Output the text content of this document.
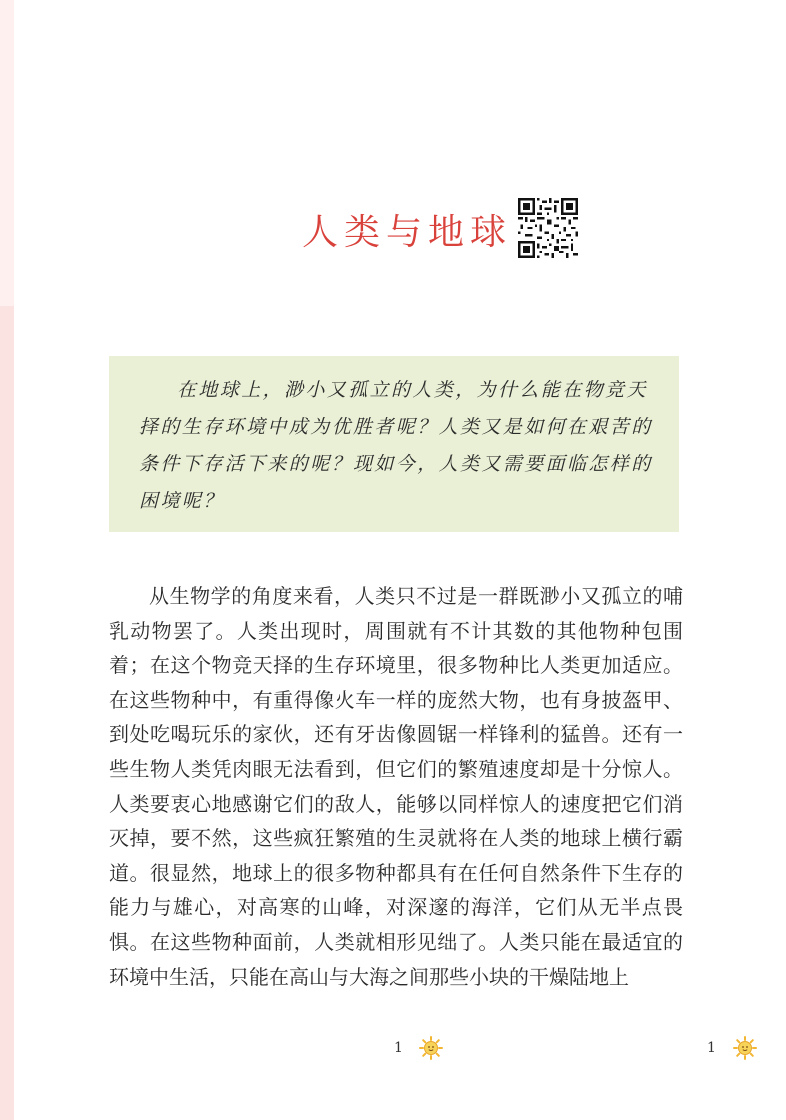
人类与地球

在地球上，渺小又孤立的人类，为什么能在物竞天择的生存环境中成为优胜者呢？人类又是如何在艰苦的条件下存活下来的呢？现如今，人类又需要面临怎样的困境呢？

从生物学的角度来看，人类只不过是一群既渺小又孤立的哺
乳动物罢了。人类出现时，周围就有不计其数的其他物种包围
着；在这个物竞天择的生存环境里，很多物种比人类更加适应。
在这些物种中，有重得像火车一样的庞然大物，也有身披盔甲、
到处吃喝玩乐的家伙，还有牙齿像圆锯一样锋利的猛兽。还有一
些生物人类凭肉眼无法看到，但它们的繁殖速度却是十分惊人。
人类要衷心地感谢它们的敌人，能够以同样惊人的速度把它们消
灭掉，要不然，这些疯狂繁殖的生灵就将在人类的地球上横行霸
道。很显然，地球上的很多物种都具有在任何自然条件下生存的
能力与雄心，对高寒的山峰，对深邃的海洋，它们从无半点畏
惧。在这些物种面前，人类就相形见绌了。人类只能在最适宜的
环境中生活，只能在高山与大海之间那些小块的干燥陆地上
1	1
